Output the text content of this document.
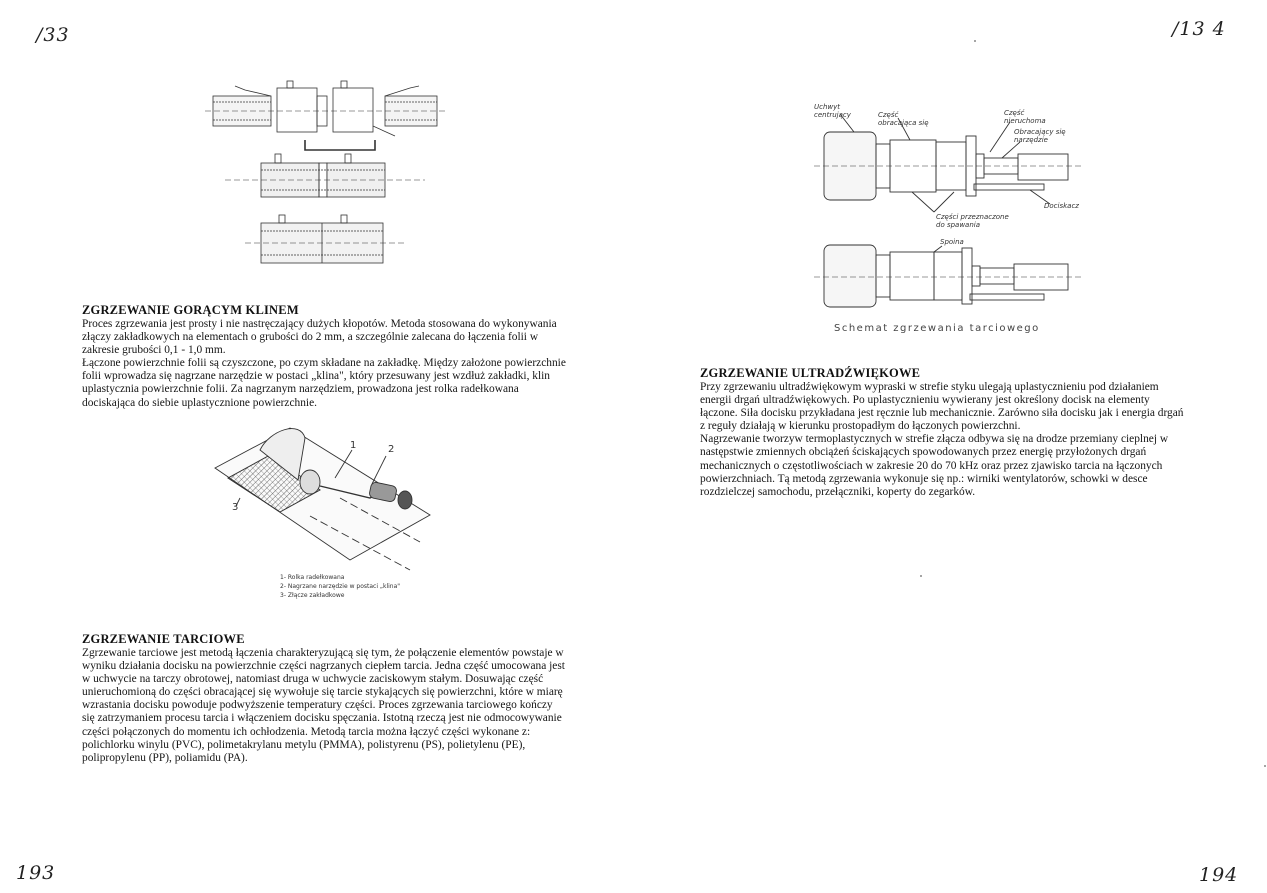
/33
193
ZGRZEWANIE GORĄCYM KLINEM

Proces zgrzewania jest prosty i nie nastręczający dużych kłopotów. Metoda stosowana do wykonywania złączy zakładkowych na elementach o grubości do 2 mm, a szczególnie zalecana do łączenia folii w zakresie grubości 0,1 - 1,0 mm.

Łączone powierzchnie folii są czyszczone, po czym składane na zakładkę. Między założone powierzchnie folii wprowadza się nagrzane narzędzie w postaci „klina", który przesuwany jest wzdłuż zakładki, klin uplastycznia powierzchnie folii. Za nagrzanym narzędziem, prowadzona jest rolka radełkowana dociskająca do siebie uplastycznione powierzchnie.

1	2
3
1- Rolka radełkowana
2- Nagrzane narzędzie w postaci „klina"
3- Złącze zakładkowe
ZGRZEWANIE TARCIOWE

Zgrzewanie tarciowe jest metodą łączenia charakteryzującą się tym, że połączenie elementów powstaje w wyniku działania docisku na powierzchnie części nagrzanych ciepłem tarcia. Jedna część umocowana jest w uchwycie na tarczy obrotowej, natomiast druga w uchwycie zaciskowym stałym. Dosuwając część unieruchomioną do części obracającej się wywołuje się tarcie stykających się powierzchni, które w miarę wzrastania docisku powoduje podwyższenie temperatury części. Proces zgrzewania tarciowego kończy się zatrzymaniem procesu tarcia i włączeniem docisku spęczania. Istotną rzeczą jest nie odmocowywanie części połączonych do momentu ich ochłodzenia. Metodą tarcia można łączyć części wykonane z: polichlorku winylu (PVC), polimetakrylanu metylu (PMMA), polistyrenu (PS), polietylenu (PE), polipropylenu (PP), poliamidu (PA).

/13 4
194
Uchwyt
centrujący	Część
obracająca się
Część
nieruchoma
Obracający się
narzędzie
Dociskacz
Części przeznaczone
do spawania
Spoina
Schemat zgrzewania tarciowego
ZGRZEWANIE ULTRADŹWIĘKOWE

Przy zgrzewaniu ultradźwiękowym wypraski w strefie styku ulegają uplastycznieniu pod działaniem energii drgań ultradźwiękowych. Po uplastycznieniu wywierany jest określony docisk na elementy łączone. Siła docisku przykładana jest ręcznie lub mechanicznie. Zarówno siła docisku jak i energia drgań z reguły działają w kierunku prostopadłym do łączonych powierzchni.

Nagrzewanie tworzyw termoplastycznych w strefie złącza odbywa się na drodze przemiany cieplnej w następstwie zmiennych obciążeń ściskających spowodowanych przez energię przyłożonych drgań mechanicznych o częstotliwościach w zakresie 20 do 70 kHz oraz przez zjawisko tarcia na łączonych powierzchniach. Tą metodą zgrzewania wykonuje się np.: wirniki wentylatorów, schowki w desce rozdzielczej samochodu, przełączniki, koperty do zegarków.
